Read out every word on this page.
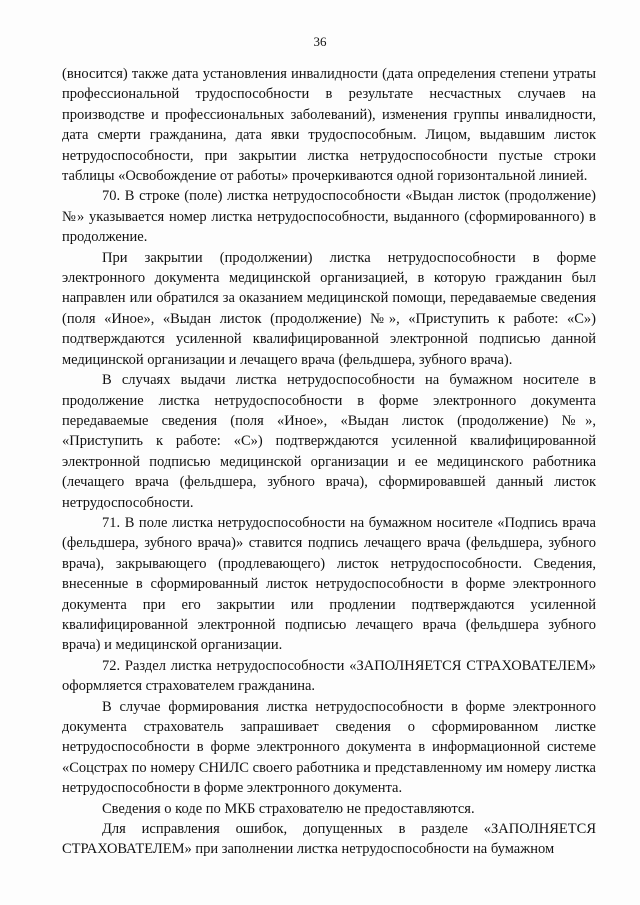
36

(вносится) также дата установления инвалидности (дата определения степени утраты профессиональной трудоспособности в результате несчастных случаев на производстве и профессиональных заболеваний), изменения группы инвалидности, дата смерти гражданина, дата явки трудоспособным. Лицом, выдавшим листок нетрудоспособности, при закрытии листка нетрудоспособности пустые строки таблицы «Освобождение от работы» прочеркиваются одной горизонтальной линией.

70. В строке (поле) листка нетрудоспособности «Выдан листок (продолжение) №» указывается номер листка нетрудоспособности, выданного (сформированного) в продолжение.

При закрытии (продолжении) листка нетрудоспособности в форме электронного документа медицинской организацией, в которую гражданин был направлен или обратился за оказанием медицинской помощи, передаваемые сведения (поля «Иное», «Выдан листок (продолжение) №», «Приступить к работе: «С») подтверждаются усиленной квалифицированной электронной подписью данной медицинской организации и лечащего врача (фельдшера, зубного врача).

В случаях выдачи листка нетрудоспособности на бумажном носителе в продолжение листка нетрудоспособности в форме электронного документа передаваемые сведения (поля «Иное», «Выдан листок (продолжение) №», «Приступить к работе: «С») подтверждаются усиленной квалифицированной электронной подписью медицинской организации и ее медицинского работника (лечащего врача (фельдшера, зубного врача), сформировавшей данный листок нетрудоспособности.

71. В поле листка нетрудоспособности на бумажном носителе «Подпись врача (фельдшера, зубного врача)» ставится подпись лечащего врача (фельдшера, зубного врача), закрывающего (продлевающего) листок нетрудоспособности. Сведения, внесенные в сформированный листок нетрудоспособности в форме электронного документа при его закрытии или продлении подтверждаются усиленной квалифицированной электронной подписью лечащего врача (фельдшера зубного врача) и медицинской организации.

72. Раздел листка нетрудоспособности «ЗАПОЛНЯЕТСЯ СТРАХОВАТЕЛЕМ» оформляется страхователем гражданина.

В случае формирования листка нетрудоспособности в форме электронного документа страхователь запрашивает сведения о сформированном листке нетрудоспособности в форме электронного документа в информационной системе «Соцстрах по номеру СНИЛС своего работника и представленному им номеру листка нетрудоспособности в форме электронного документа.

Сведения о коде по МКБ страхователю не предоставляются.

Для исправления ошибок, допущенных в разделе «ЗАПОЛНЯЕТСЯ СТРАХОВАТЕЛЕМ» при заполнении листка нетрудоспособности на бумажном
